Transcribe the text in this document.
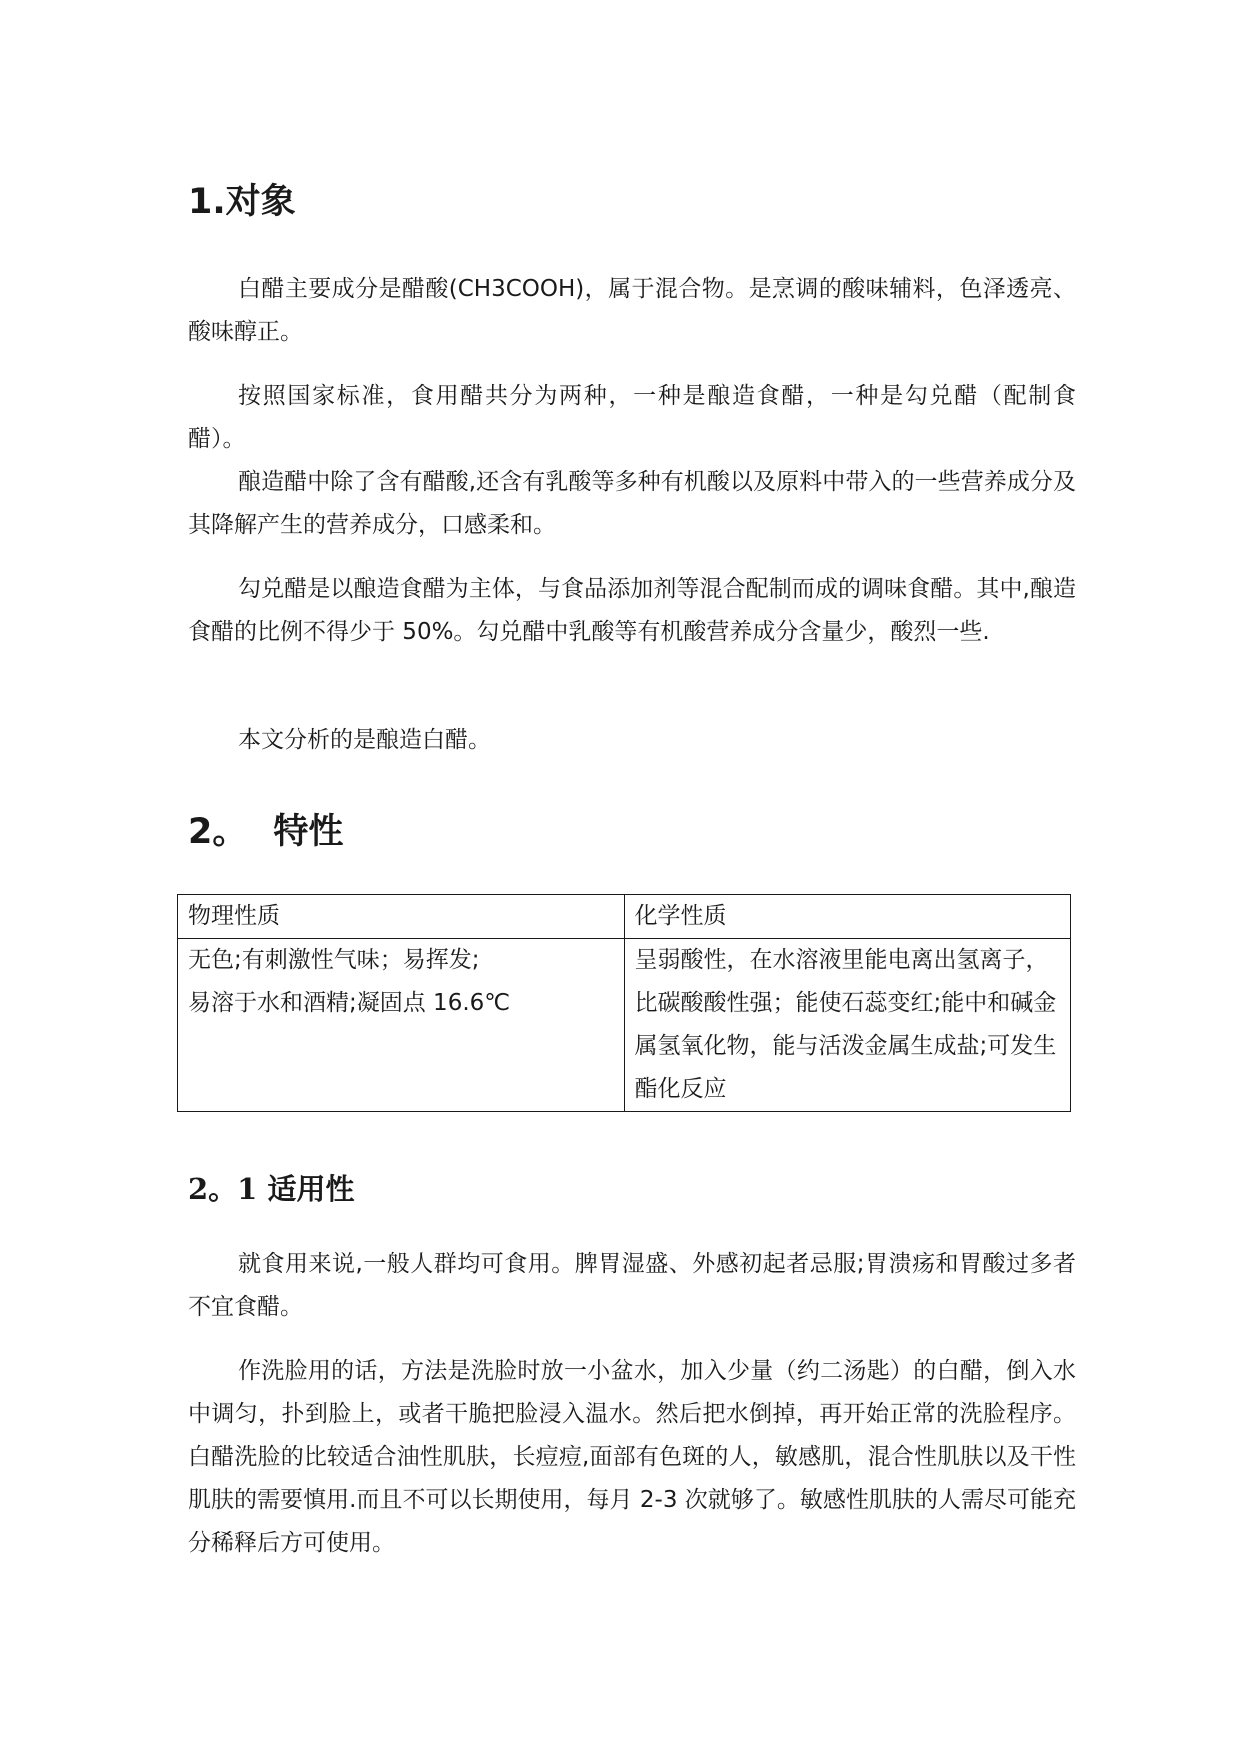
1.对象

白醋主要成分是醋酸(CH3COOH)，属于混合物。是烹调的酸味辅料，色泽透亮、酸味醇正。

按照国家标准，食用醋共分为两种，一种是酿造食醋，一种是勾兑醋（配制食醋）。

酿造醋中除了含有醋酸,还含有乳酸等多种有机酸以及原料中带入的一些营养成分及其降解产生的营养成分，口感柔和。

勾兑醋是以酿造食醋为主体，与食品添加剂等混合配制而成的调味食醋。其中,酿造食醋的比例不得少于 50%。勾兑醋中乳酸等有机酸营养成分含量少，酸烈一些.

本文分析的是酿造白醋。

2。 特性
物理性质	化学性质

无色;有刺激性气味；易挥发;
易溶于水和酒精;凝固点 16.6℃	呈弱酸性，在水溶液里能电离出氢离子，比碳酸酸性强；能使石蕊变红;能中和碱金属氢氧化物，能与活泼金属生成盐;可发生酯化反应
2。1 适用性

就食用来说,一般人群均可食用。脾胃湿盛、外感初起者忌服;胃溃疡和胃酸过多者不宜食醋。

作洗脸用的话，方法是洗脸时放一小盆水，加入少量（约二汤匙）的白醋，倒入水中调匀，扑到脸上，或者干脆把脸浸入温水。然后把水倒掉，再开始正常的洗脸程序。白醋洗脸的比较适合油性肌肤，长痘痘,面部有色斑的人，敏感肌，混合性肌肤以及干性肌肤的需要慎用.而且不可以长期使用，每月 2-3 次就够了。敏感性肌肤的人需尽可能充分稀释后方可使用。
